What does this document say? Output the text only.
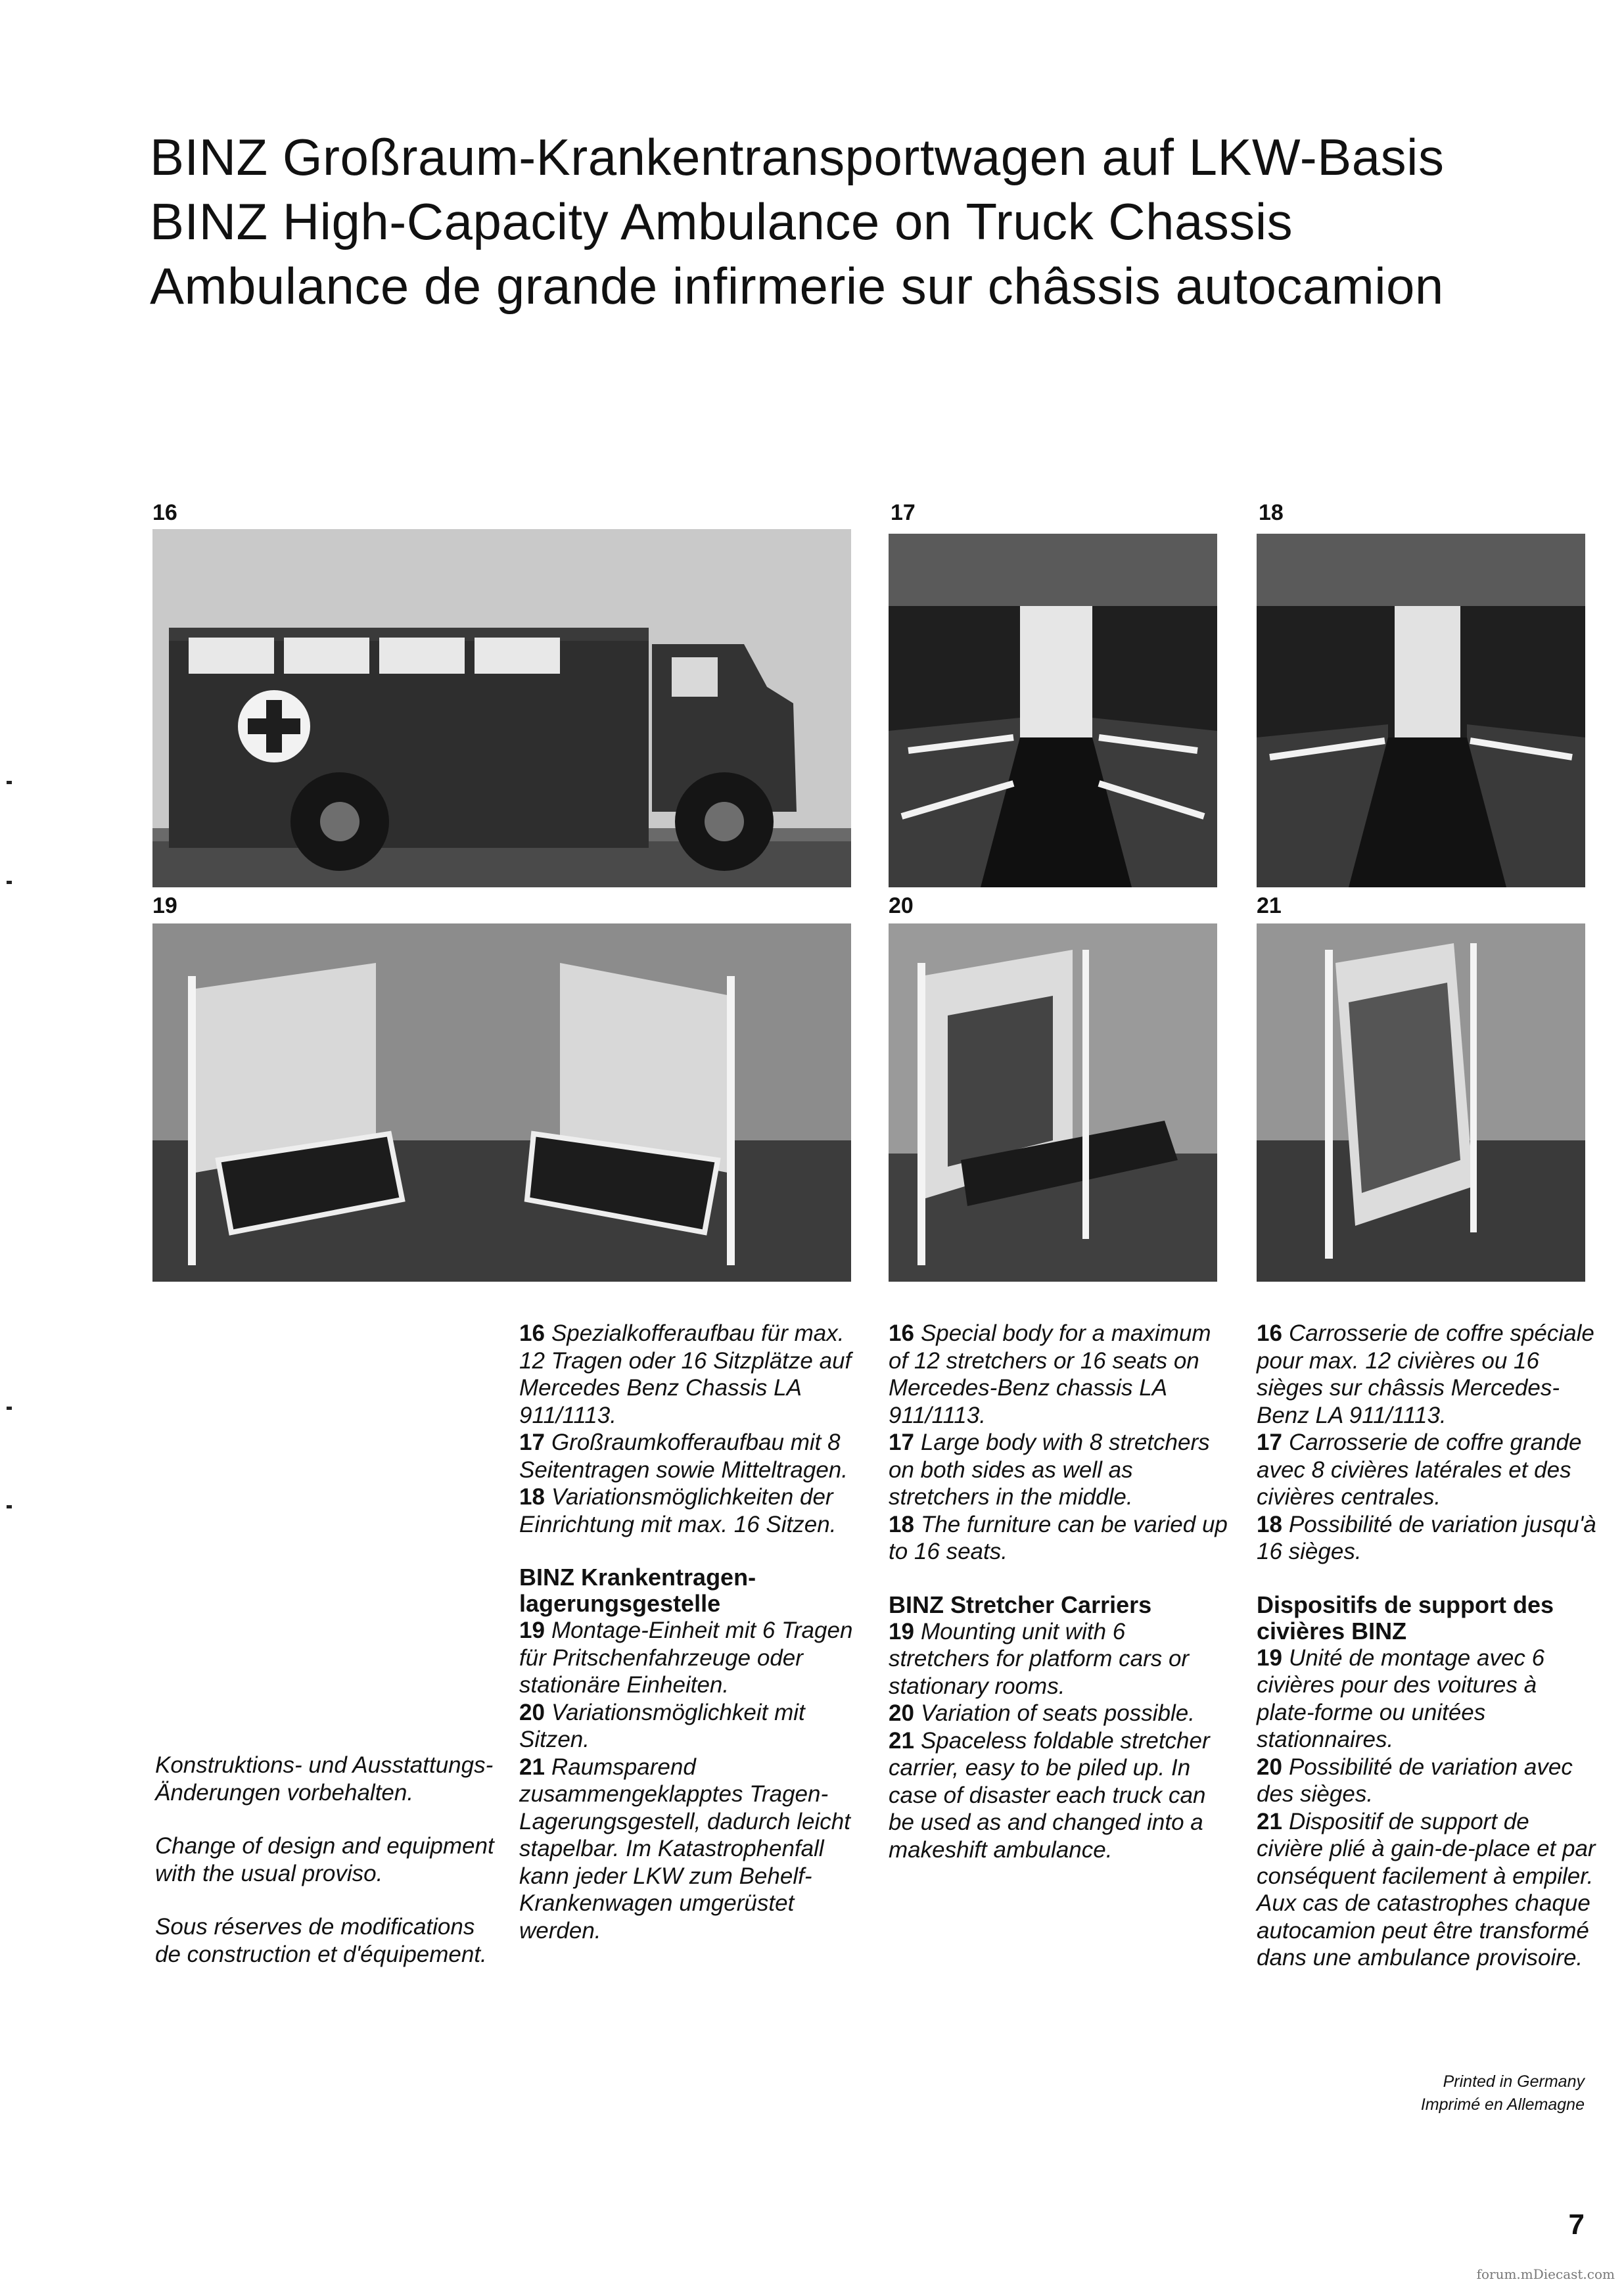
BINZ Großraum-Krankentransportwagen auf LKW-Basis
BINZ High-Capacity Ambulance on Truck Chassis
Ambulance de grande infirmerie sur châssis autocamion
16	17	18
19	20	21

16 Spezialkofferaufbau für max. 12 Tragen oder 16 Sitzplätze auf Mercedes Benz Chassis LA 911/1113.

17 Großraumkofferaufbau mit 8 Seitentragen sowie Mitteltragen.

18 Variationsmöglichkeiten der Einrichtung mit max. 16 Sitzen.

BINZ Krankentragen-lagerungsgestelle

19 Montage-Einheit mit 6 Tragen für Pritschenfahrzeuge oder stationäre Einheiten.

20 Variationsmöglichkeit mit Sitzen.

21 Raumsparend zusammengeklapptes Tragen-Lagerungsgestell, dadurch leicht stapelbar. Im Katastrophenfall kann jeder LKW zum Behelf-Krankenwagen umgerüstet werden.

16 Special body for a maximum of 12 stretchers or 16 seats on Mercedes-Benz chassis LA 911/1113.

17 Large body with 8 stretchers on both sides as well as stretchers in the middle.

18 The furniture can be varied up to 16 seats.

BINZ Stretcher Carriers

19 Mounting unit with 6 stretchers for platform cars or stationary rooms.

20 Variation of seats possible.

21 Spaceless foldable stretcher carrier, easy to be piled up. In case of disaster each truck can be used as and changed into a makeshift ambulance.

16 Carrosserie de coffre spéciale pour max. 12 civières ou 16 sièges sur châssis Mercedes-Benz LA 911/1113.

17 Carrosserie de coffre grande avec 8 civières latérales et des civières centrales.

18 Possibilité de variation jusqu'à 16 sièges.

Dispositifs de support des civières BINZ

19 Unité de montage avec 6 civières pour des voitures à plate-forme ou unitées stationnaires.

20 Possibilité de variation avec des sièges.

21 Dispositif de support de civière plié à gain-de-place et par conséquent facilement à empiler. Aux cas de catastrophes chaque autocamion peut être transformé dans une ambulance provisoire.

Konstruktions- und Ausstattungs-Änderungen vorbehalten.

Change of design and equipment with the usual proviso.

Sous réserves de modifications de construction et d'équipement.

Printed in Germany
Imprimé en Allemagne
7
forum.mDiecast.com
